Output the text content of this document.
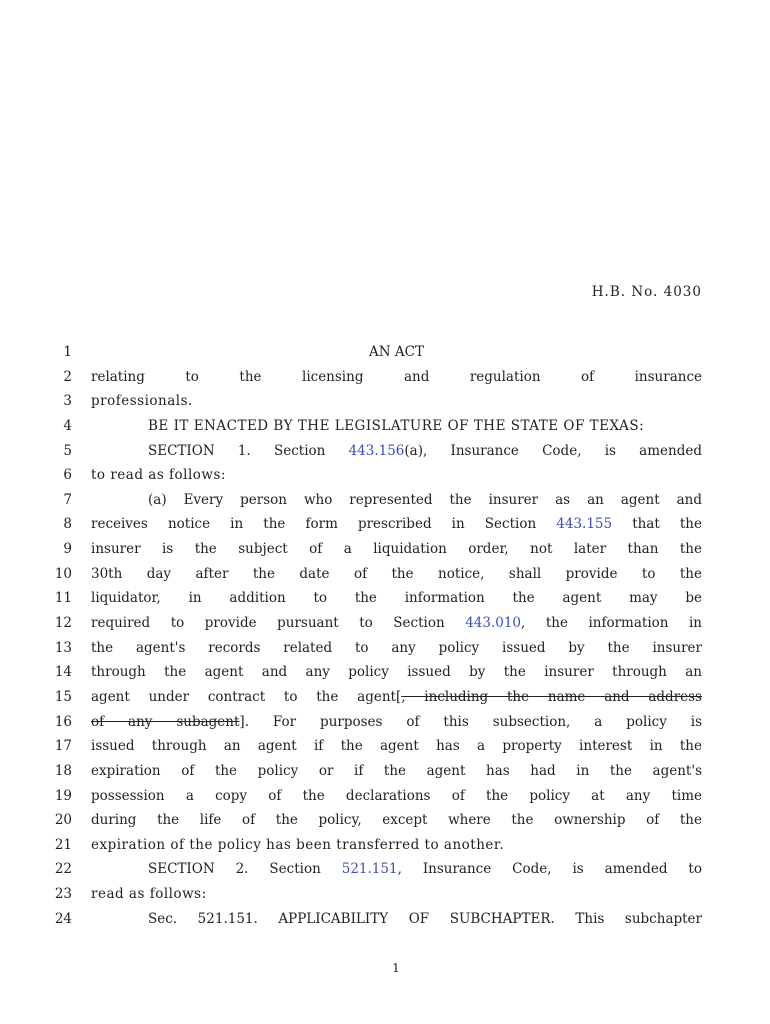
H.B. No. 4030
1	AN ACT
2 relating to the licensing and regulation of insurance
3 professionals.
4	BE IT ENACTED BY THE LEGISLATURE OF THE STATE OF TEXAS:
5	SECTION 1. Section 443.156(a), Insurance Code, is amended
6 to read as follows:
7	(a) Every person who represented the insurer as an agent and
8 receives notice in the form prescribed in Section 443.155 that the
9 insurer is the subject of a liquidation order, not later than the
10 30th day after the date of the notice, shall provide to the
11 liquidator, in addition to the information the agent may be
12 required to provide pursuant to Section 443.010, the information in
13 the agent's records related to any policy issued by the insurer
14 through the agent and any policy issued by the insurer through an
15 agent under contract to the agent[, including the name and address
16 of any subagent]. For purposes of this subsection, a policy is
17 issued through an agent if the agent has a property interest in the
18 expiration of the policy or if the agent has had in the agent's
19 possession a copy of the declarations of the policy at any time
20 during the life of the policy, except where the ownership of the
21 expiration of the policy has been transferred to another.
22	SECTION 2. Section 521.151, Insurance Code, is amended to
23 read as follows:
24	Sec. 521.151. APPLICABILITY OF SUBCHAPTER. This subchapter
1
